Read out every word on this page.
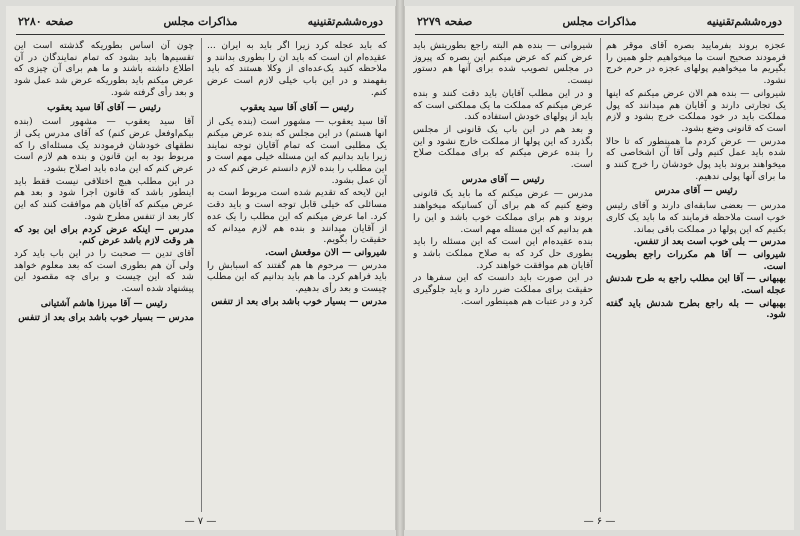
دوره‌ششم‌تقنینیه
مذاکرات مجلس
صفحه ۲۲۸۰

که باید عجله کرد زیرا اگر باید به ایران ... عقیده‌ام ان است که باید ان را بطوری بدانند و ملاحظه کنید یک‌عده‌ای از وکلا هستند که باید بفهمند و در این باب خیلی لازم است عرض کنم.

رئیس — آقای آقا سید یعقوب

آقا سید یعقوب — مشهور است (بنده یکی از انها هستم) در این مجلس که بنده عرض میکنم یک مطلبی است که تمام آقایان توجه نمایند زیرا باید بدانیم که این مسئله خیلی مهم است و این مطلب را بنده لازم دانستم عرض کنم که در آن عمل بشود.

این لایحه که تقدیم شده است مربوط است به مسائلی که خیلی قابل توجه است و باید دقت کرد. اما عرض میکنم که این مطلب را یک عده از آقایان میدانند و بنده هم لازم میدانم که حقیقت را بگویم.

شیروانی — الان موقعش است.

مدرس — مرحوم ها هم گفتند که اسبابش را باید فراهم کرد. ما هم باید بدانیم که این مطلب چیست و بعد رأی بدهیم.

مدرس — بسیار خوب باشد برای بعد از تنفس

چون آن اساس بطوریکه گذشته است این تقسیم‌ها باید بشود که تمام نمایندگان در آن اطلاع داشته باشند و ما هم برای آن چیزی که عرض میکنم باید بطوریکه عرض شد عمل شود و بعد رأی گرفته شود.

رئیس — آقای آقا سید یعقوب

آقا سید یعقوب — مشهور است (بنده بیکم‌اوفعل عرض کنم) که آقای مدرس یکی از نطقهای خودشان فرمودند یک مسئله‌ای را که مربوط بود به این قانون و بنده هم لازم است عرض کنم که این ماده باید اصلاح بشود.

در این مطلب هیچ اختلافی نیست فقط باید اینطور باشد که قانون اجرا شود و بعد هم عرض میکنم که آقایان هم موافقت کنند که این کار بعد از تنفس مطرح شود.

مدرس — اینکه عرض کردم برای این بود که هر وقت لازم باشد عرض کنم.

آقای تدین — صحبت را در این باب باید کرد ولی آن هم بطوری است که بعد معلوم خواهد شد که این چیست و برای چه مقصود این پیشنهاد شده است.

رئیس — آقا میرزا هاشم آشتیانی

مدرس — بسیار خوب باشد برای بعد از تنفس

— ۷ —
دوره‌ششم‌تقنینیه
مذاکرات مجلس
صفحه ۲۲۷۹

عجزه بروند بفرمایید بصره آقای موقر هم فرمودند صحیح است ما میخواهیم جلو همین را بگیریم ما میخواهیم پولهای عجزه در حرم خرج نشود.

شیروانی — بنده هم الان عرض میکنم که اینها یک تجارتی دارند و آقایان هم میدانند که پول مملکت باید در خود مملکت خرج بشود و لازم است که قانونی وضع بشود.

مدرس — عرض کردم ما همینطور که تا حالا شده باید عمل کنیم ولی آقا آن اشخاصی که میخواهند بروند باید پول خودشان را خرج کنند و ما برای آنها پولی ندهیم.

رئیس — آقای مدرس

مدرس — بعضی سابقه‌ای دارند و آقای رئیس خوب است ملاحظه فرمایند که ما باید یک کاری بکنیم که این پولها در مملکت باقی بماند.

مدرس — بلی خوب است بعد از تنفس.

شیروانی — آقا هم مکررات راجع بطوریت است.

بهبهانی — آقا این مطلب راجع به طرح شدنش عجله است.

بهبهانی — بله راجع بطرح شدنش باید گفته شود.

شیروانی — بنده هم البته راجع بطوریتش باید عرض کنم که عرض میکنم این بصره که پیروز در مجلس تصویب شده برای آنها هم دستور نیست.

و در این مطلب آقایان باید دقت کنند و بنده عرض میکنم که مملکت ما یک مملکتی است که باید از پولهای خودش استفاده کند.

و بعد هم در این باب یک قانونی از مجلس بگذرد که این پولها از مملکت خارج نشود و این را بنده عرض میکنم که برای مملکت صلاح است.

رئیس — آقای مدرس

مدرس — عرض میکنم که ما باید یک قانونی وضع کنیم که هم برای آن کسانیکه میخواهند بروند و هم برای مملکت خوب باشد و این را هم بدانیم که این مسئله مهم است.

بنده عقیده‌ام این است که این مسئله را باید بطوری حل کرد که به صلاح مملکت باشد و آقایان هم موافقت خواهند کرد.

در این صورت باید دانست که این سفرها در حقیقت برای مملکت ضرر دارد و باید جلوگیری کرد و در عتبات هم همینطور است.

— ۶ —
